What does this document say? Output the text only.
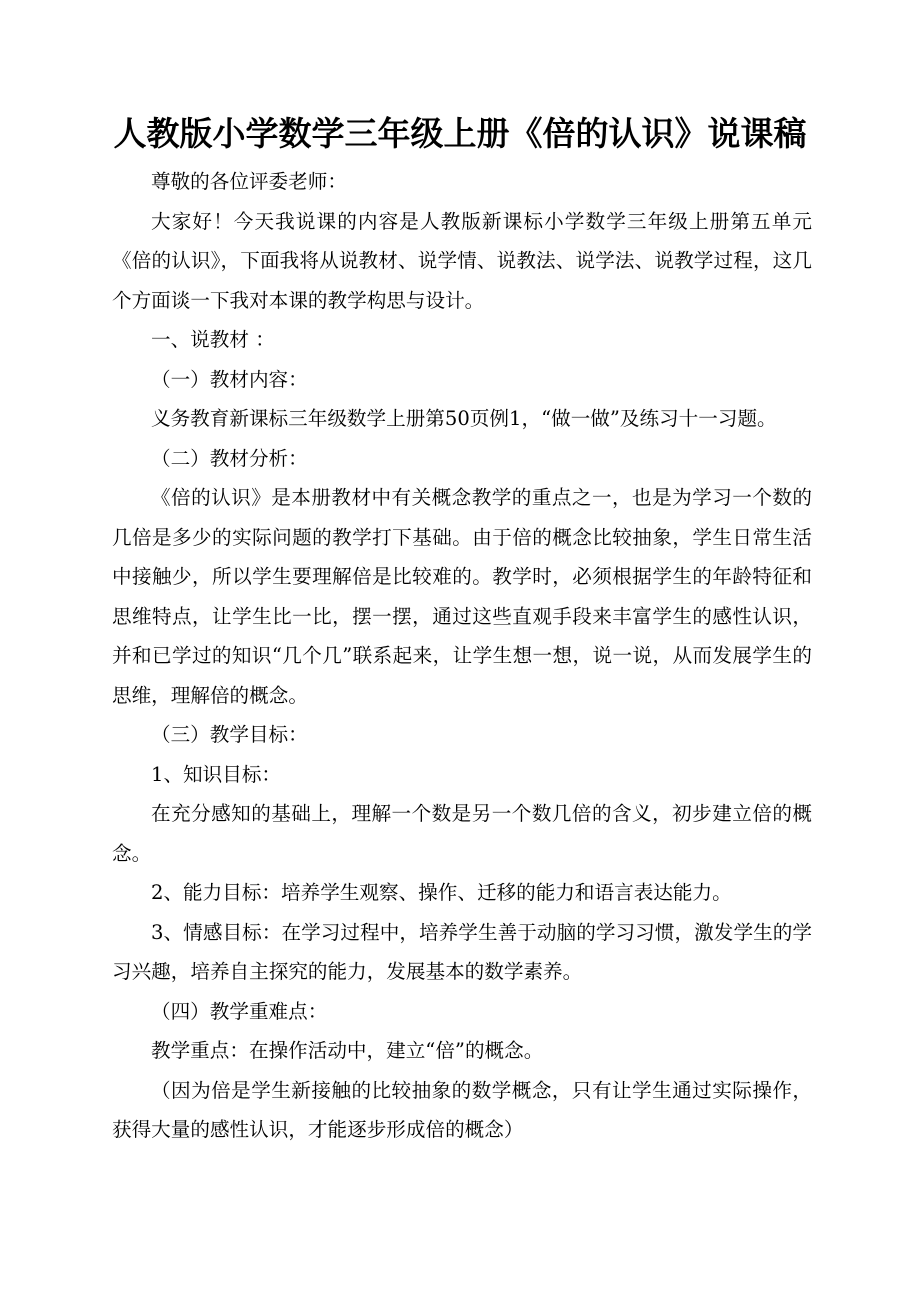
人教版小学数学三年级上册《倍的认识》说课稿

尊敬的各位评委老师：

大家好！今天我说课的内容是人教版新课标小学数学三年级上册第五单元《倍的认识》，下面我将从说教材、说学情、说教法、说学法、说教学过程，这几个方面谈一下我对本课的教学构思与设计。

一、说教材 ：

（一）教材内容：

义务教育新课标三年级数学上册第50页例1，“做一做”及练习十一习题。

（二）教材分析：

《倍的认识》是本册教材中有关概念教学的重点之一，也是为学习一个数的几倍是多少的实际问题的教学打下基础。由于倍的概念比较抽象，学生日常生活中接触少，所以学生要理解倍是比较难的。教学时，必须根据学生的年龄特征和思维特点，让学生比一比，摆一摆，通过这些直观手段来丰富学生的感性认识，并和已学过的知识“几个几”联系起来，让学生想一想，说一说，从而发展学生的思维，理解倍的概念。

（三）教学目标：

1、知识目标：

在充分感知的基础上，理解一个数是另一个数几倍的含义，初步建立倍的概念。

2、能力目标：培养学生观察、操作、迁移的能力和语言表达能力。

3、情感目标：在学习过程中，培养学生善于动脑的学习习惯，激发学生的学习兴趣，培养自主探究的能力，发展基本的数学素养。

（四）教学重难点：

教学重点：在操作活动中，建立“倍”的概念。

（因为倍是学生新接触的比较抽象的数学概念，只有让学生通过实际操作，获得大量的感性认识，才能逐步形成倍的概念）
